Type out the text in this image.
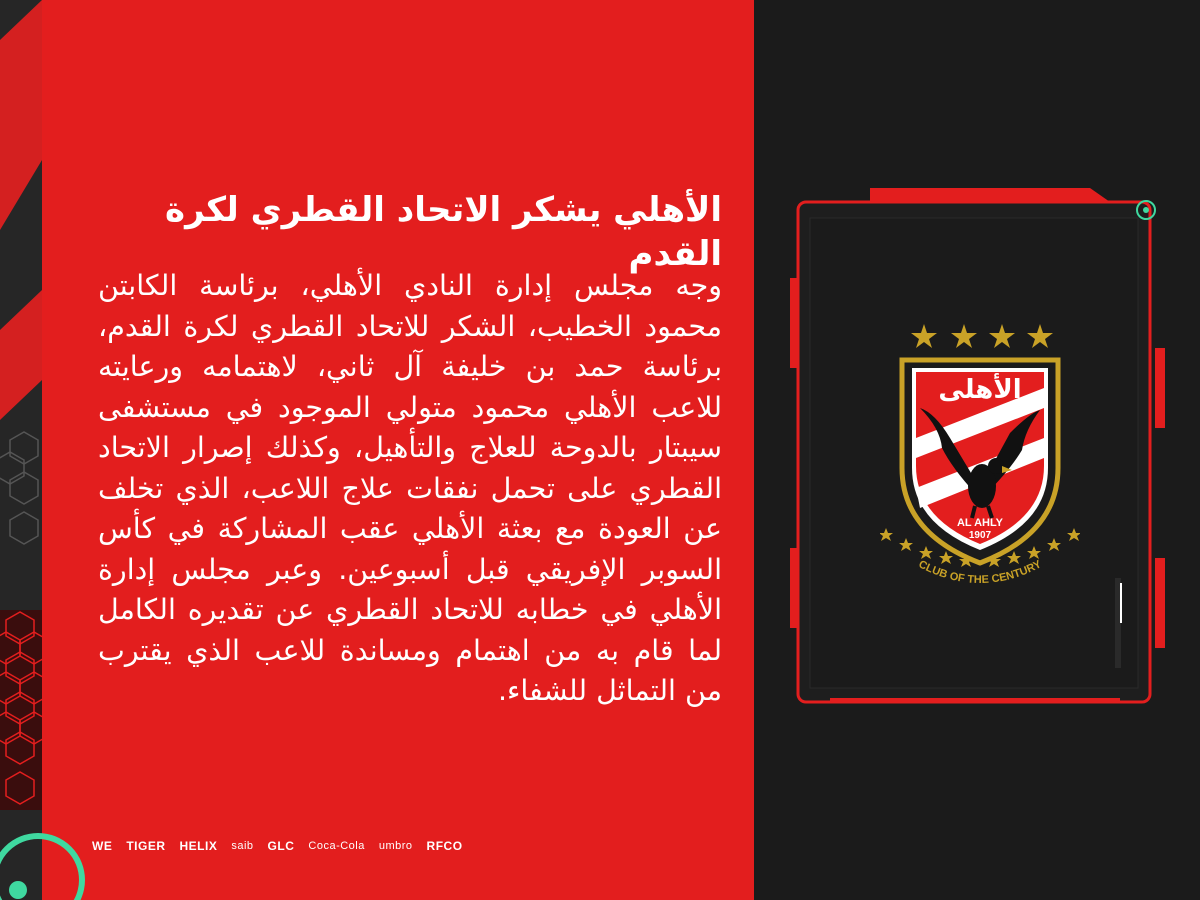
الأهلي يشكر الاتحاد القطري لكرة القدم

وجه مجلس إدارة النادي الأهلي، برئاسة الكابتن محمود الخطيب، الشكر للاتحاد القطري لكرة القدم، برئاسة حمد بن خليفة آل ثاني، لاهتمامه ورعايته للاعب الأهلي محمود متولي الموجود في مستشفى سيبتار بالدوحة للعلاج والتأهيل، وكذلك إصرار الاتحاد القطري على تحمل نفقات علاج اللاعب، الذي تخلف عن العودة مع بعثة الأهلي عقب المشاركة في كأس السوبر الإفريقي قبل أسبوعين. وعبر مجلس إدارة الأهلي في خطابه للاتحاد القطري عن تقديره الكامل لما قام به من اهتمام ومساندة للاعب الذي يقترب من التماثل للشفاء.

WE TIGER HELIX saib GLC Coca-Cola umbro RFCO
الأهلى
AL AHLY
1907
CLUB OF THE CENTURY
